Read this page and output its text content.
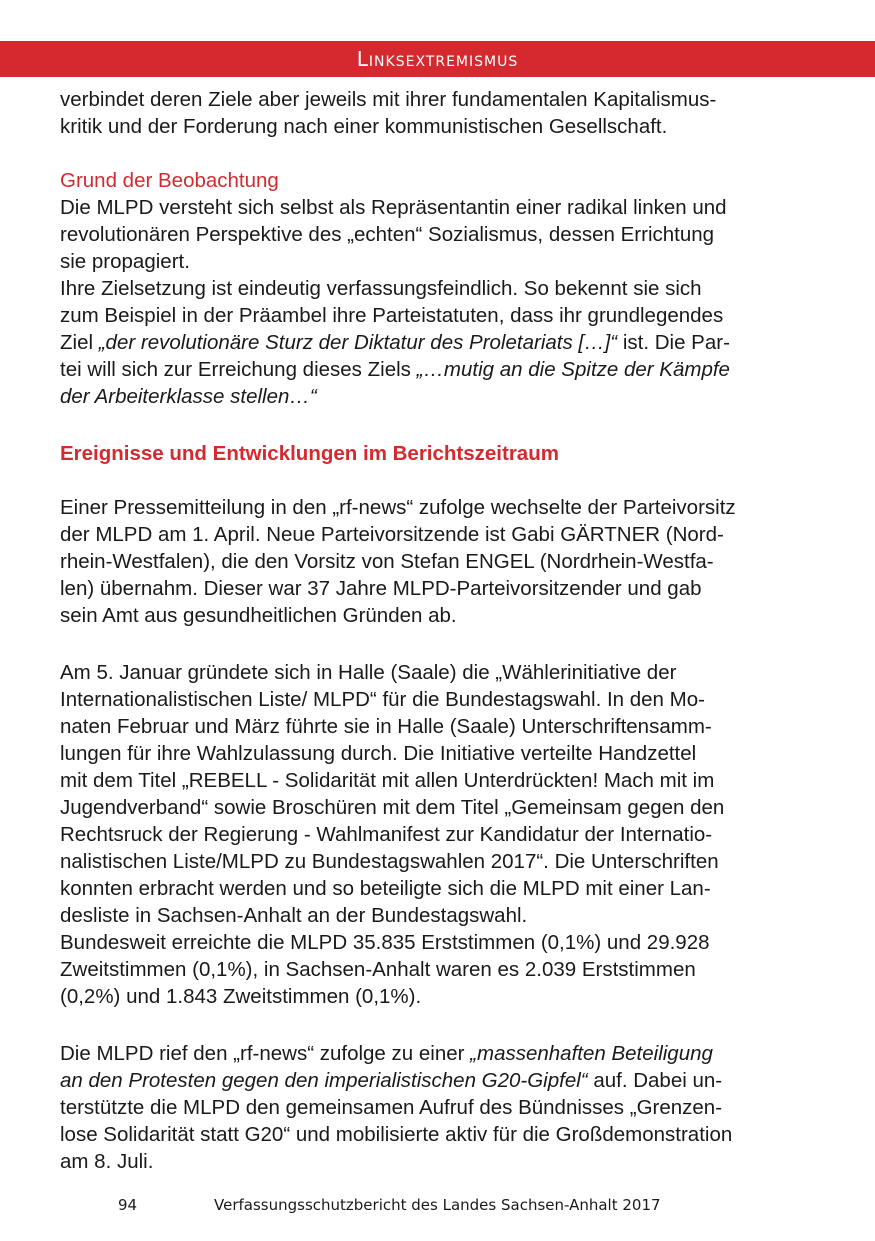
Linksextremismus
verbindet deren Ziele aber jeweils mit ihrer fundamentalen Kapitalismus-
kritik und der Forderung nach einer kommunistischen Gesellschaft.
Grund der Beobachtung
Die MLPD versteht sich selbst als Repräsentantin einer radikal linken und
revolutionären Perspektive des „echten“ Sozialismus, dessen Errichtung
sie propagiert.
Ihre Zielsetzung ist eindeutig verfassungsfeindlich. So bekennt sie sich
zum Beispiel in der Präambel ihre Parteistatuten, dass ihr grundlegendes
Ziel „der revolutionäre Sturz der Diktatur des Proletariats […]“ ist. Die Par-
tei will sich zur Erreichung dieses Ziels „…mutig an die Spitze der Kämpfe
der Arbeiterklasse stellen…“
Ereignisse und Entwicklungen im Berichtszeitraum
Einer Pressemitteilung in den „rf-news“ zufolge wechselte der Parteivorsitz
der MLPD am 1. April. Neue Parteivorsitzende ist Gabi GÄRTNER (Nord-
rhein-Westfalen), die den Vorsitz von Stefan ENGEL (Nordrhein-Westfa-
len) übernahm. Dieser war 37 Jahre MLPD-Parteivorsitzender und gab
sein Amt aus gesundheitlichen Gründen ab.
Am 5. Januar gründete sich in Halle (Saale) die „Wählerinitiative der
Internationalistischen Liste/ MLPD“ für die Bundestagswahl. In den Mo-
naten Februar und März führte sie in Halle (Saale) Unterschriftensamm-
lungen für ihre Wahlzulassung durch. Die Initiative verteilte Handzettel
mit dem Titel „REBELL - Solidarität mit allen Unterdrückten! Mach mit im
Jugendverband“ sowie Broschüren mit dem Titel „Gemeinsam gegen den
Rechtsruck der Regierung - Wahlmanifest zur Kandidatur der Internatio-
nalistischen Liste/MLPD zu Bundestagswahlen 2017“. Die Unterschriften
konnten erbracht werden und so beteiligte sich die MLPD mit einer Lan-
desliste in Sachsen-Anhalt an der Bundestagswahl.
Bundesweit erreichte die MLPD 35.835 Erststimmen (0,1%) und 29.928
Zweitstimmen (0,1%), in Sachsen-Anhalt waren es 2.039 Erststimmen
(0,2%) und 1.843 Zweitstimmen (0,1%).
Die MLPD rief den „rf-news“ zufolge zu einer „massenhaften Beteiligung
an den Protesten gegen den imperialistischen G20-Gipfel“ auf. Dabei un-
terstützte die MLPD den gemeinsamen Aufruf des Bündnisses „Grenzen-
lose Solidarität statt G20“ und mobilisierte aktiv für die Großdemonstration
am 8. Juli.
94	Verfassungsschutzbericht des Landes Sachsen-Anhalt 2017
